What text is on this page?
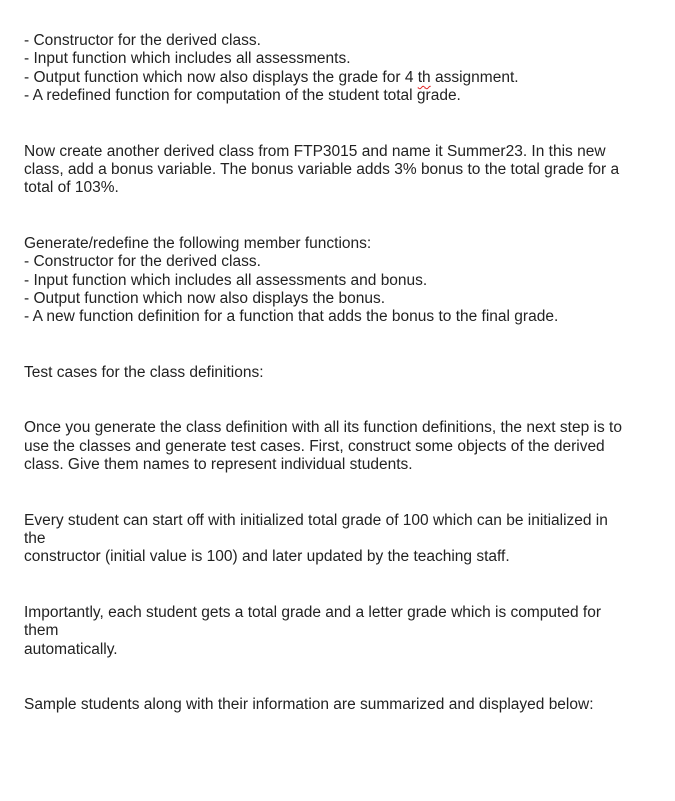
- Constructor for the derived class.
- Input function which includes all assessments.
- Output function which now also displays the grade for 4 th assignment.
- A redefined function for computation of the student total grade.
Now create another derived class from FTP3015 and name it Summer23. In this new
class, add a bonus variable. The bonus variable adds 3% bonus to the total grade for a
total of 103%.
Generate/redefine the following member functions:
- Constructor for the derived class.
- Input function which includes all assessments and bonus.
- Output function which now also displays the bonus.
- A new function definition for a function that adds the bonus to the final grade.
Test cases for the class definitions:
Once you generate the class definition with all its function definitions, the next step is to
use the classes and generate test cases. First, construct some objects of the derived
class. Give them names to represent individual students.
Every student can start off with initialized total grade of 100 which can be initialized in
the
constructor (initial value is 100) and later updated by the teaching staff.
Importantly, each student gets a total grade and a letter grade which is computed for
them
automatically.
Sample students along with their information are summarized and displayed below:
